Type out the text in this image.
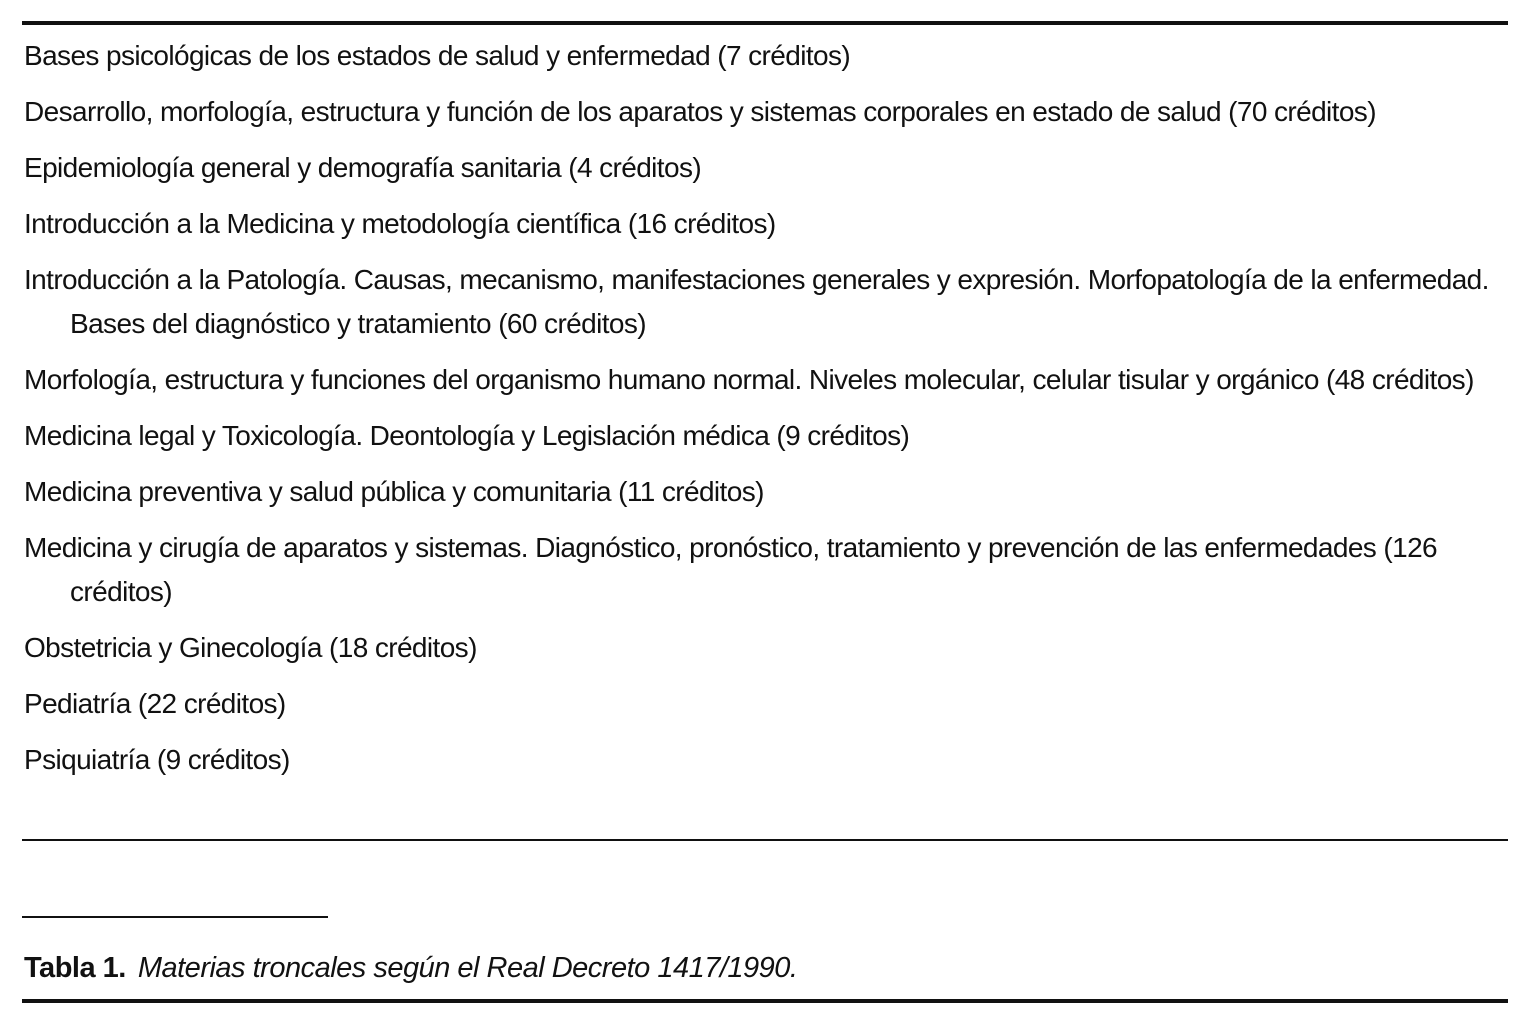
Bases psicológicas de los estados de salud y enfermedad (7 créditos)
Desarrollo, morfología, estructura y función de los aparatos y sistemas corporales en estado de salud (70 créditos)
Epidemiología general y demografía sanitaria (4 créditos)
Introducción a la Medicina y metodología científica (16 créditos)
Introducción a la Patología. Causas, mecanismo, manifestaciones generales y expresión. Morfopatología de la enfermedad. Bases del diagnóstico y tratamiento (60 créditos)
Morfología, estructura y funciones del organismo humano normal. Niveles molecular, celular tisular y orgánico (48 créditos)
Medicina legal y Toxicología. Deontología y Legislación médica (9 créditos)
Medicina preventiva y salud pública y comunitaria (11 créditos)
Medicina y cirugía de aparatos y sistemas. Diagnóstico, pronóstico, tratamiento y prevención de las enfermedades (126 créditos)
Obstetricia y Ginecología (18 créditos)
Pediatría (22 créditos)
Psiquiatría (9 créditos)
Tabla 1. Materias troncales según el Real Decreto 1417/1990.
